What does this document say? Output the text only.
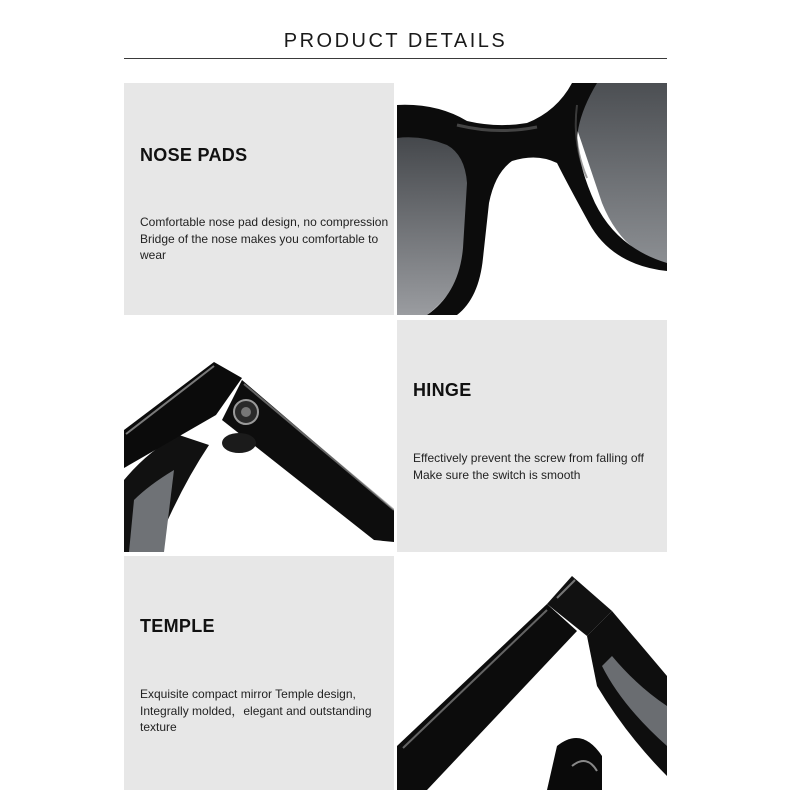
PRODUCT DETAILS
NOSE PADS
Comfortable nose pad design, no compression
Bridge of the nose makes you comfortable to
wear
HINGE
Effectively prevent the screw from falling off
Make sure the switch is smooth
TEMPLE
Exquisite compact mirror Temple design,
Integrally molded，elegant and outstanding
texture
